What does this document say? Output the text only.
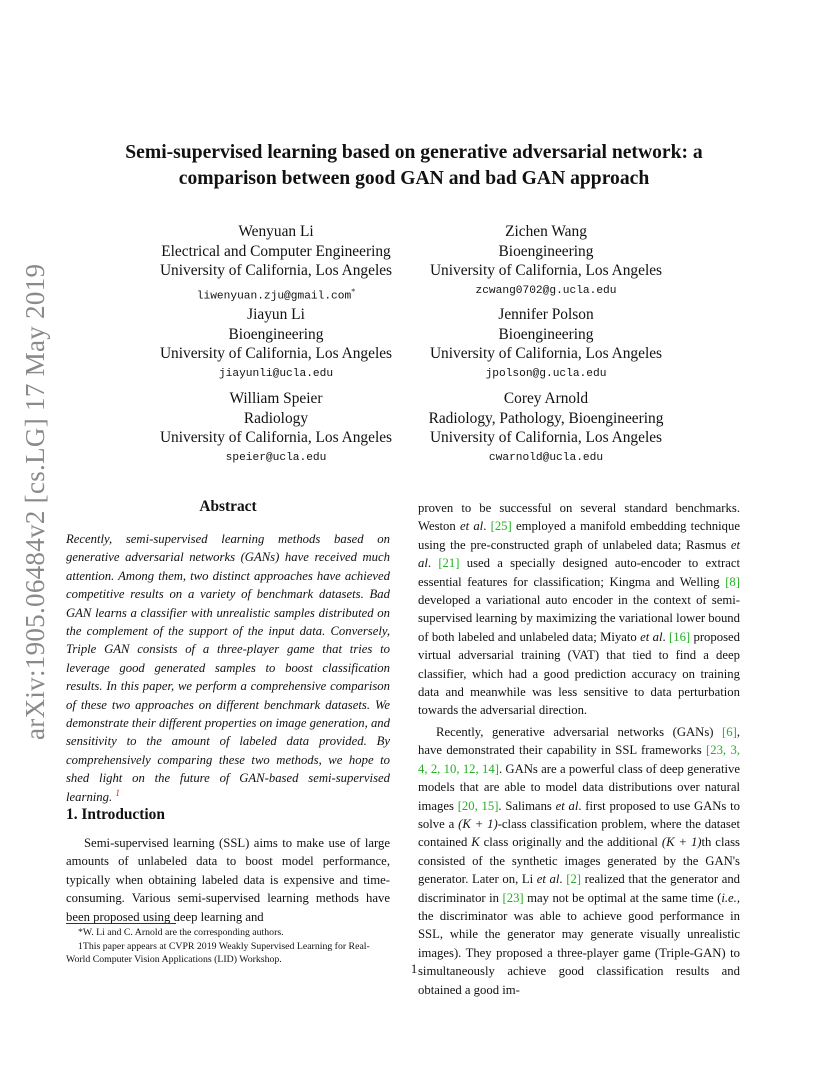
arXiv:1905.06484v2 [cs.LG] 17 May 2019
Semi-supervised learning based on generative adversarial network: a comparison between good GAN and bad GAN approach
Wenyuan Li
Electrical and Computer Engineering
University of California, Los Angeles
liwenyuan.zju@gmail.com*
Zichen Wang
Bioengineering
University of California, Los Angeles
zcwang0702@g.ucla.edu
Jiayun Li
Bioengineering
University of California, Los Angeles
jiayunli@ucla.edu
Jennifer Polson
Bioengineering
University of California, Los Angeles
jpolson@g.ucla.edu
William Speier
Radiology
University of California, Los Angeles
speier@ucla.edu
Corey Arnold
Radiology, Pathology, Bioengineering
University of California, Los Angeles
cwarnold@ucla.edu
Abstract
Recently, semi-supervised learning methods based on generative adversarial networks (GANs) have received much attention. Among them, two distinct approaches have achieved competitive results on a variety of benchmark datasets. Bad GAN learns a classifier with unrealistic samples distributed on the complement of the support of the input data. Conversely, Triple GAN consists of a three-player game that tries to leverage good generated samples to boost classification results. In this paper, we perform a comprehensive comparison of these two approaches on different benchmark datasets. We demonstrate their different properties on image generation, and sensitivity to the amount of labeled data provided. By comprehensively comparing these two methods, we hope to shed light on the future of GAN-based semi-supervised learning. $^1$
1. Introduction
Semi-supervised learning (SSL) aims to make use of large amounts of unlabeled data to boost model performance, typically when obtaining labeled data is expensive and time-consuming. Various semi-supervised learning methods have been proposed using deep learning and

*W. Li and C. Arnold are the corresponding authors.

1This paper appears at CVPR 2019 Weakly Supervised Learning for Real-World Computer Vision Applications (LID) Workshop.

proven to be successful on several standard benchmarks. Weston et al. [25] employed a manifold embedding technique using the pre-constructed graph of unlabeled data; Rasmus et al. [21] used a specially designed auto-encoder to extract essential features for classification; Kingma and Welling [8] developed a variational auto encoder in the context of semi-supervised learning by maximizing the variational lower bound of both labeled and unlabeled data; Miyato et al. [16] proposed virtual adversarial training (VAT) that tied to find a deep classifier, which had a good prediction accuracy on training data and meanwhile was less sensitive to data perturbation towards the adversarial direction.
Recently, generative adversarial networks (GANs) [6], have demonstrated their capability in SSL frameworks [23, 3, 4, 2, 10, 12, 14]. GANs are a powerful class of deep generative models that are able to model data distributions over natural images [20, 15]. Salimans et al. first proposed to use GANs to solve a (K + 1)-class classification problem, where the dataset contained K class originally and the additional (K + 1)th class consisted of the synthetic images generated by the GAN's generator. Later on, Li et al. [2] realized that the generator and discriminator in [23] may not be optimal at the same time (i.e., the discriminator was able to achieve good performance in SSL, while the generator may generate visually unrealistic images). They proposed a three-player game (Triple-GAN) to simultaneously achieve good classification results and obtained a good im-
1
